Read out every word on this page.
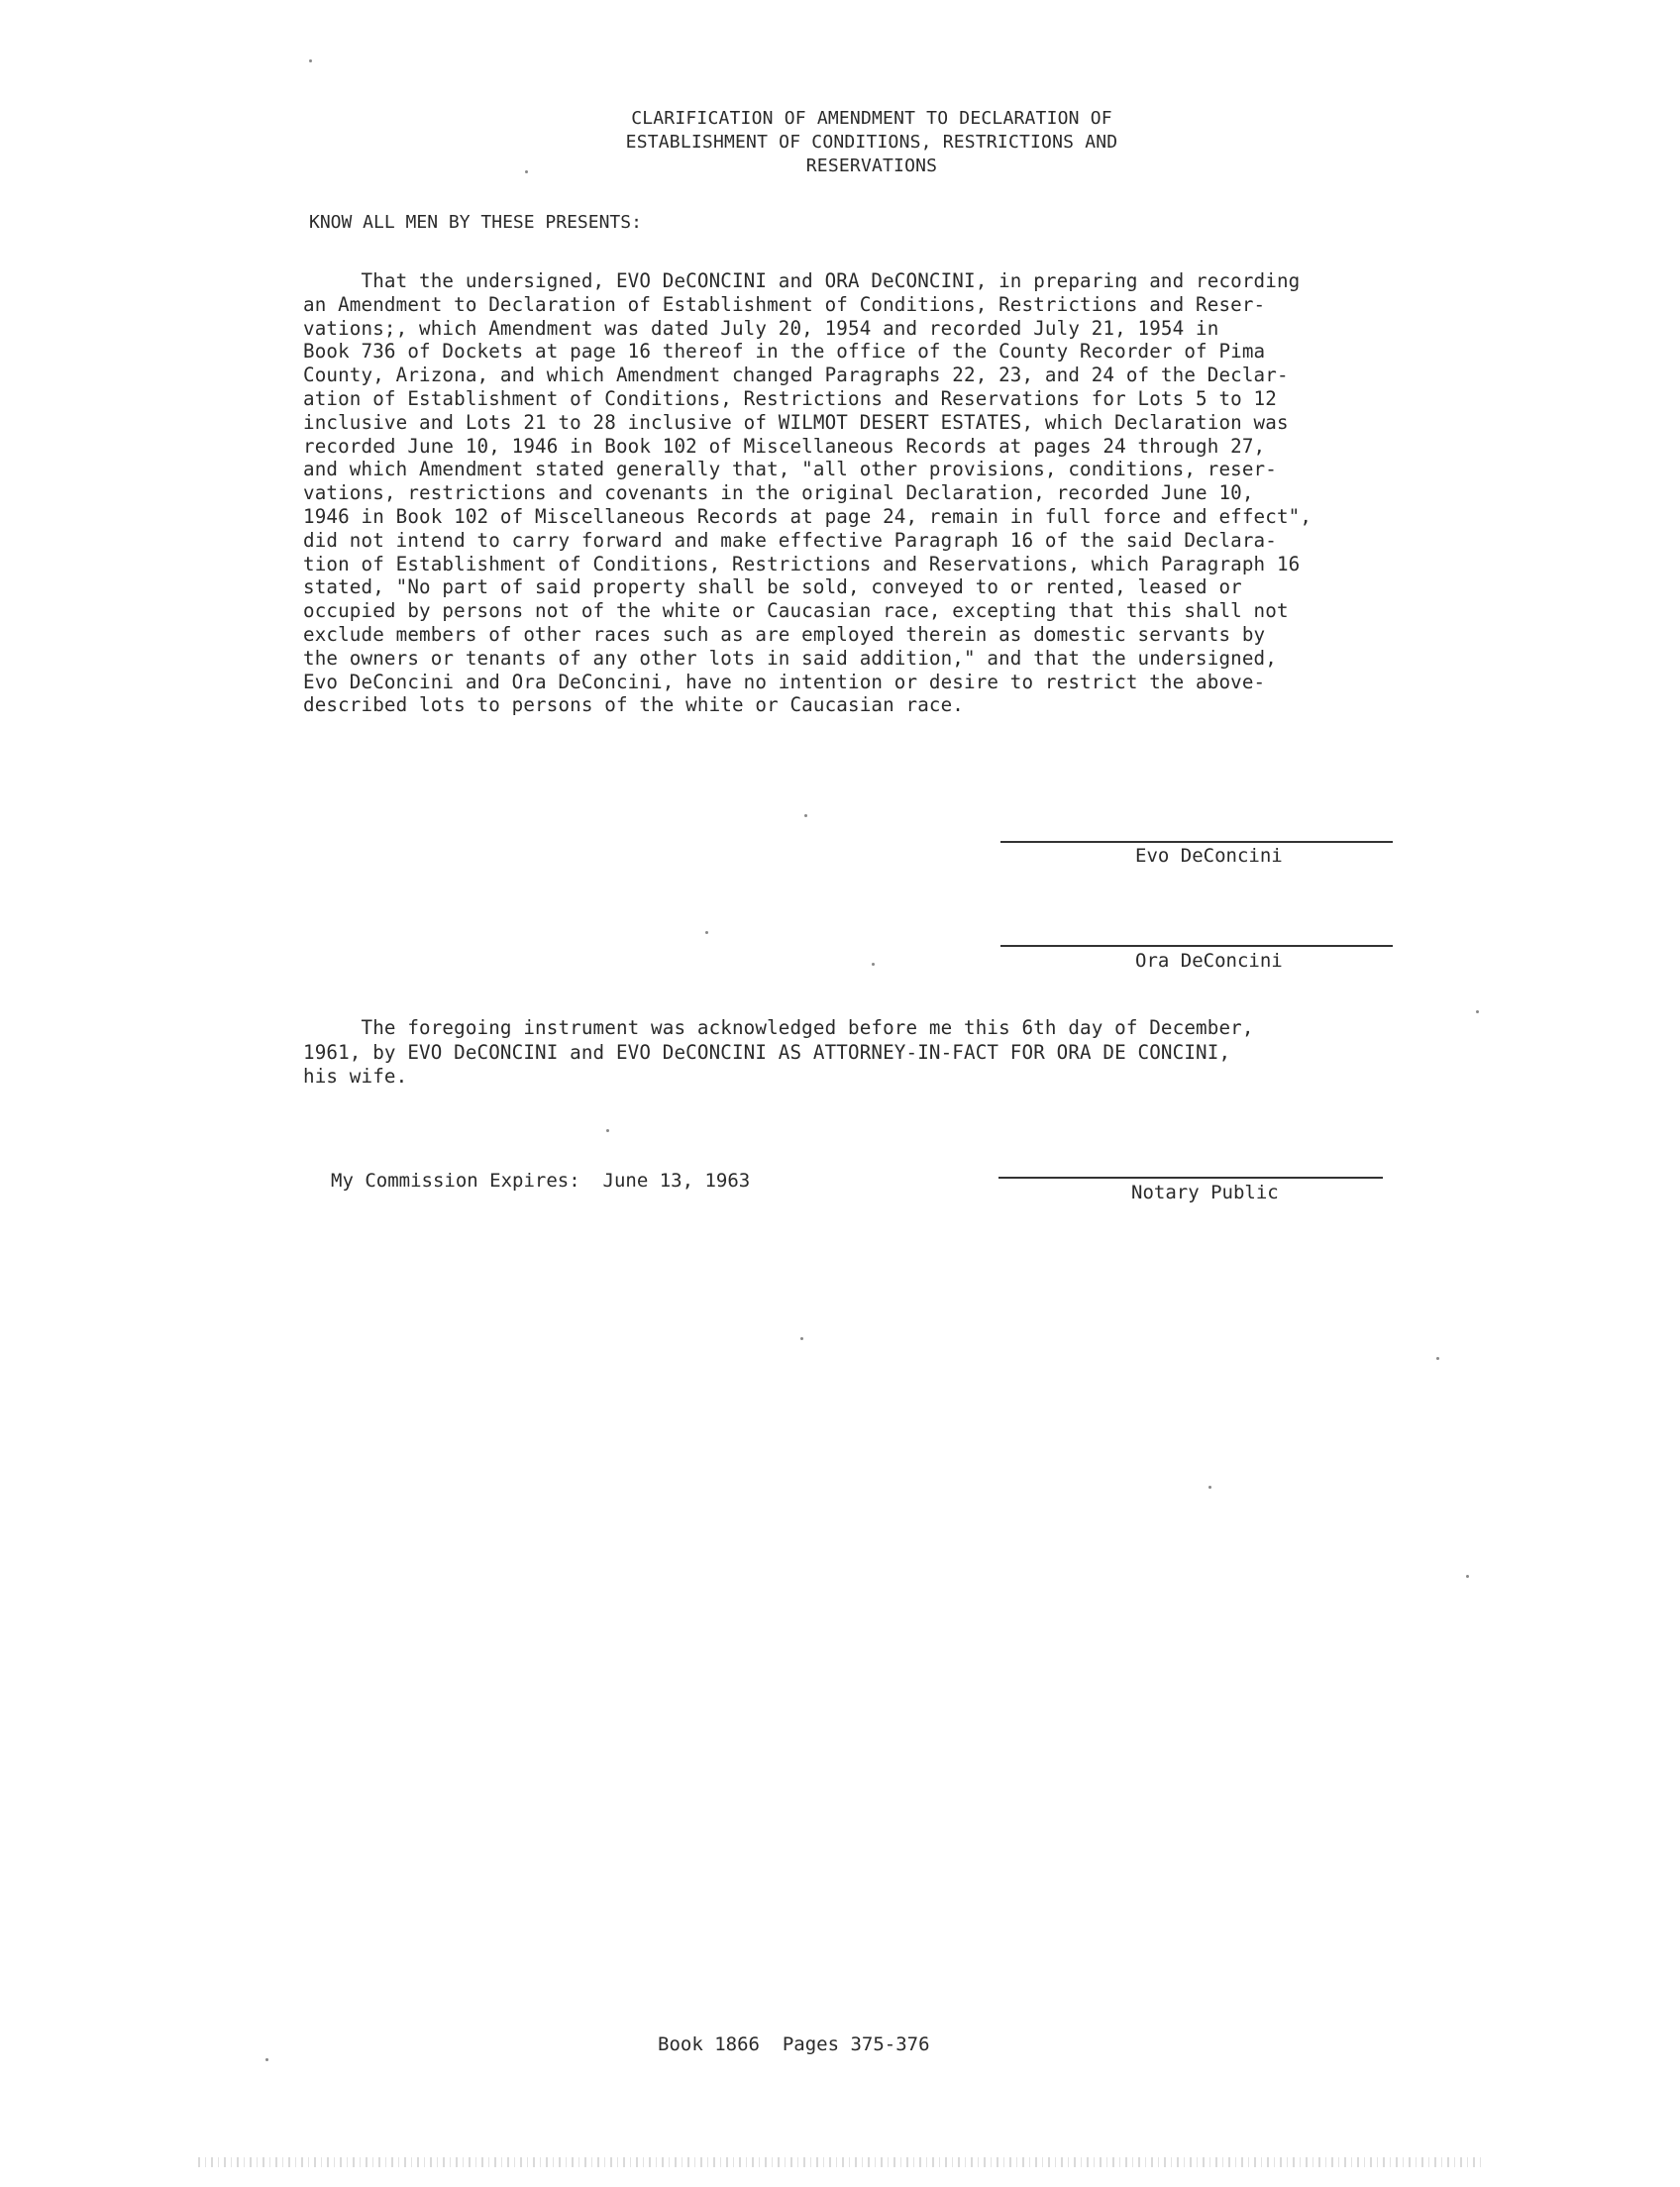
CLARIFICATION OF AMENDMENT TO DECLARATION OF
ESTABLISHMENT OF CONDITIONS, RESTRICTIONS AND
RESERVATIONS
KNOW ALL MEN BY THESE PRESENTS:
That the undersigned, EVO DeCONCINI and ORA DeCONCINI, in preparing and recording
an Amendment to Declaration of Establishment of Conditions, Restrictions and Reser-
vations;, which Amendment was dated July 20, 1954 and recorded July 21, 1954 in
Book 736 of Dockets at page 16 thereof in the office of the County Recorder of Pima
County, Arizona, and which Amendment changed Paragraphs 22, 23, and 24 of the Declar-
ation of Establishment of Conditions, Restrictions and Reservations for Lots 5 to 12
inclusive and Lots 21 to 28 inclusive of WILMOT DESERT ESTATES, which Declaration was
recorded June 10, 1946 in Book 102 of Miscellaneous Records at pages 24 through 27,
and which Amendment stated generally that, "all other provisions, conditions, reser-
vations, restrictions and covenants in the original Declaration, recorded June 10,
1946 in Book 102 of Miscellaneous Records at page 24, remain in full force and effect",
did not intend to carry forward and make effective Paragraph 16 of the said Declara-
tion of Establishment of Conditions, Restrictions and Reservations, which Paragraph 16
stated, "No part of said property shall be sold, conveyed to or rented, leased or
occupied by persons not of the white or Caucasian race, excepting that this shall not
exclude members of other races such as are employed therein as domestic servants by
the owners or tenants of any other lots in said addition," and that the undersigned,
Evo DeConcini and Ora DeConcini, have no intention or desire to restrict the above-
described lots to persons of the white or Caucasian race.
Evo DeConcini
Ora DeConcini
The foregoing instrument was acknowledged before me this 6th day of December,
1961, by EVO DeCONCINI and EVO DeCONCINI AS ATTORNEY-IN-FACT FOR ORA DE CONCINI,
his wife.
My Commission Expires:  June 13, 1963
Notary Public
Book 1866  Pages 375-376
